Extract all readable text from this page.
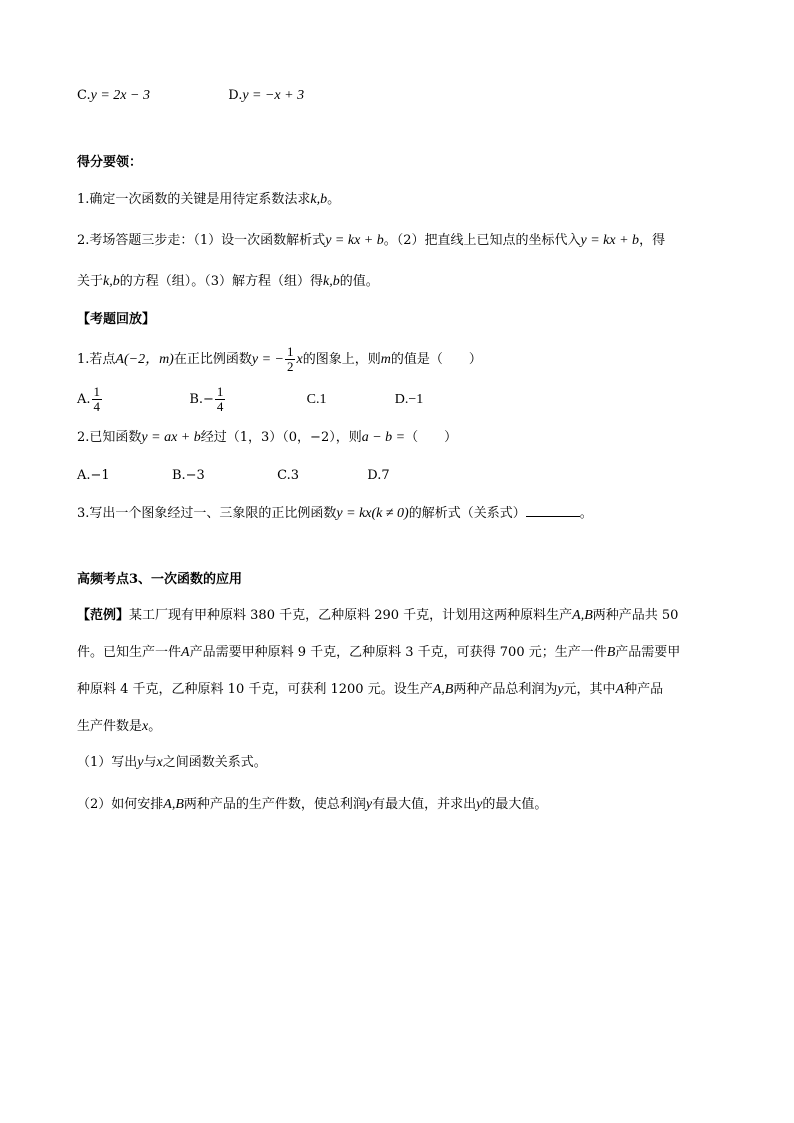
C.y = 2x − 3	D.y = −x + 3
得分要领：
1.确定一次函数的关键是用待定系数法求k,b。
2.考场答题三步走：（1）设一次函数解析式y = kx + b。（2）把直线上已知点的坐标代入y = kx + b，得
关于k,b的方程（组）。（3）解方程（组）得k,b的值。
【考题回放】
1.若点A(−2，m)在正比例函数y = − $\frac{1}{2}$ x的图象上，则m的值是（　　）
A. $\frac{1}{4}$	$B.- \frac{1}{4}$	C.1	D.−1
2.已知函数y = ax + b经过（1，3）（0，−2），则a − b =（　　）
A.−1	B.−3	C.3	D.7
3.写出一个图象经过一、三象限的正比例函数y = kx(k ≠ 0)的解析式（关系式）	。
高频考点3、一次函数的应用
【范例】某工厂现有甲种原料 380 千克，乙种原料 290 千克，计划用这两种原料生产A,B两种产品共 50
件。已知生产一件A产品需要甲种原料 9 千克，乙种原料 3 千克，可获得 700 元；生产一件B产品需要甲
种原料 4 千克，乙种原料 10 千克，可获利 1200 元。设生产A,B两种产品总利润为y元，其中A种产品
生产件数是x。
（1）写出y与x之间函数关系式。
（2）如何安排A,B两种产品的生产件数，使总利润y有最大值，并求出y的最大值。
